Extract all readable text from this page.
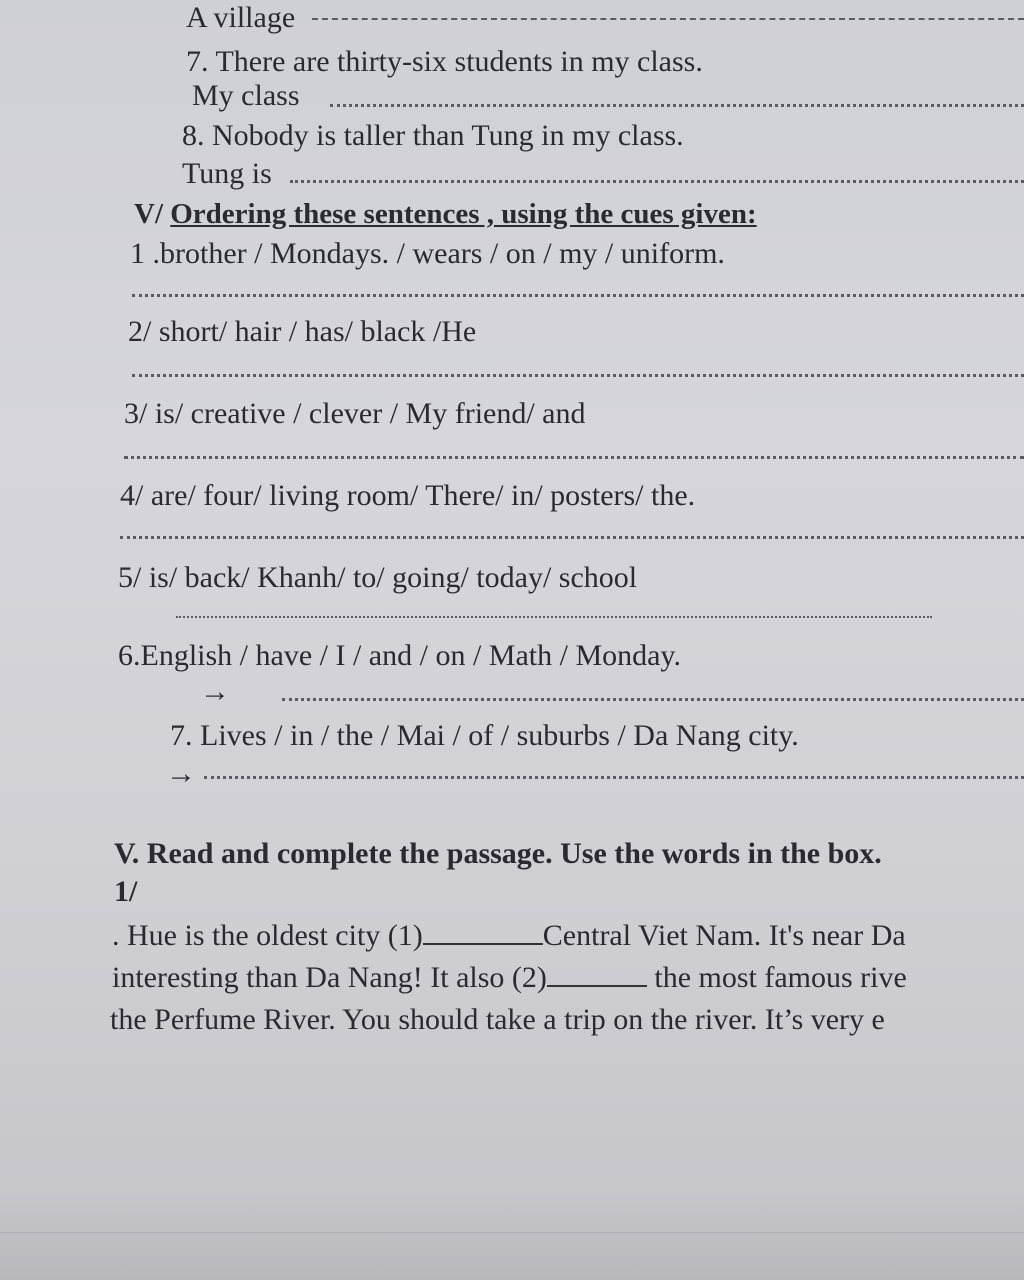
A village
7. There are thirty-six students in my class.
My class
8. Nobody is taller than Tung in my class.
Tung is
V/ Ordering these sentences , using the cues given:
1 .brother / Mondays. / wears / on / my / uniform.
2/ short/ hair / has/ black /He
3/ is/ creative / clever / My friend/ and
4/ are/ four/ living room/ There/ in/ posters/ the.
5/ is/ back/ Khanh/ to/ going/ today/ school
6.English / have / I / and / on / Math / Monday.
→
7. Lives / in / the / Mai / of / suburbs / Da Nang city.
→
V. Read and complete the passage. Use the words in the box.
1/
. Hue is the oldest city (1)	Central Viet Nam. It's near Da
interesting than Da Nang! It also (2)	the most famous rive
the Perfume River. You should take a trip on the river. It’s very e
